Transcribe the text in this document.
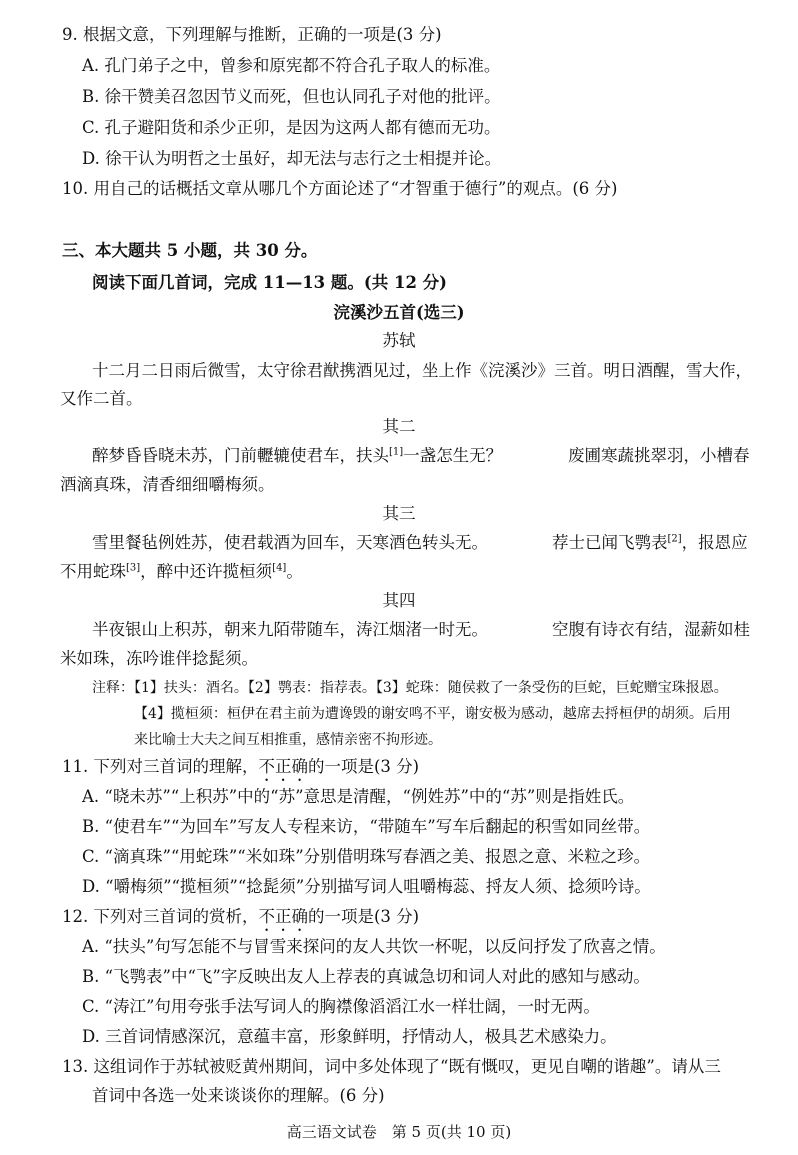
9. 根据文意，下列理解与推断，正确的一项是(3 分)
A. 孔门弟子之中，曾参和原宪都不符合孔子取人的标准。
B. 徐干赞美召忽因节义而死，但也认同孔子对他的批评。
C. 孔子避阳货和杀少正卯，是因为这两人都有德而无功。
D. 徐干认为明哲之士虽好，却无法与志行之士相提并论。
10. 用自己的话概括文章从哪几个方面论述了“才智重于德行”的观点。(6 分)
三、本大题共 5 小题，共 30 分。
阅读下面几首词，完成 11—13 题。(共 12 分)
浣溪沙五首(选三)
苏轼
十二月二日雨后微雪，太守徐君猷携酒见过，坐上作《浣溪沙》三首。明日酒醒，雪大作，
又作二首。
其二
醉梦昏昏晓未苏，门前轣辘使君车，扶头[1]一盏怎生无？	废圃寒蔬挑翠羽，小槽春
酒滴真珠，清香细细嚼梅须。
其三
雪里餐毡例姓苏，使君载酒为回车，天寒酒色转头无。	荐士已闻飞鹗表[2]，报恩应
不用蛇珠[3]，醉中还许揽桓须[4]。
其四
半夜银山上积苏，朝来九陌带随车，涛江烟渚一时无。	空腹有诗衣有结，湿薪如桂
米如珠，冻吟谁伴捻髭须。
注释：【1】扶头：酒名。【2】鹗表：指荐表。【3】蛇珠：随侯救了一条受伤的巨蛇，巨蛇赠宝珠报恩。
【4】揽桓须：桓伊在君主前为遭谗毁的谢安鸣不平，谢安极为感动，越席去捋桓伊的胡须。后用
来比喻士大夫之间互相推重，感情亲密不拘形迹。
11. 下列对三首词的理解，不正确的一项是(3 分)
A. “晓未苏”“上积苏”中的“苏”意思是清醒，“例姓苏”中的“苏”则是指姓氏。
B. “使君车”“为回车”写友人专程来访，“带随车”写车后翻起的积雪如同丝带。
C. “滴真珠”“用蛇珠”“米如珠”分别借明珠写春酒之美、报恩之意、米粒之珍。
D. “嚼梅须”“揽桓须”“捻髭须”分别描写词人咀嚼梅蕊、捋友人须、捻须吟诗。
12. 下列对三首词的赏析，不正确的一项是(3 分)
A. “扶头”句写怎能不与冒雪来探问的友人共饮一杯呢，以反问抒发了欣喜之情。
B. “飞鹗表”中“飞”字反映出友人上荐表的真诚急切和词人对此的感知与感动。
C. “涛江”句用夸张手法写词人的胸襟像滔滔江水一样壮阔，一时无两。
D. 三首词情感深沉，意蕴丰富，形象鲜明，抒情动人，极具艺术感染力。
13. 这组词作于苏轼被贬黄州期间，词中多处体现了“既有慨叹，更见自嘲的谐趣”。请从三
首词中各选一处来谈谈你的理解。(6 分)
高三语文试卷　第 5 页(共 10 页)
